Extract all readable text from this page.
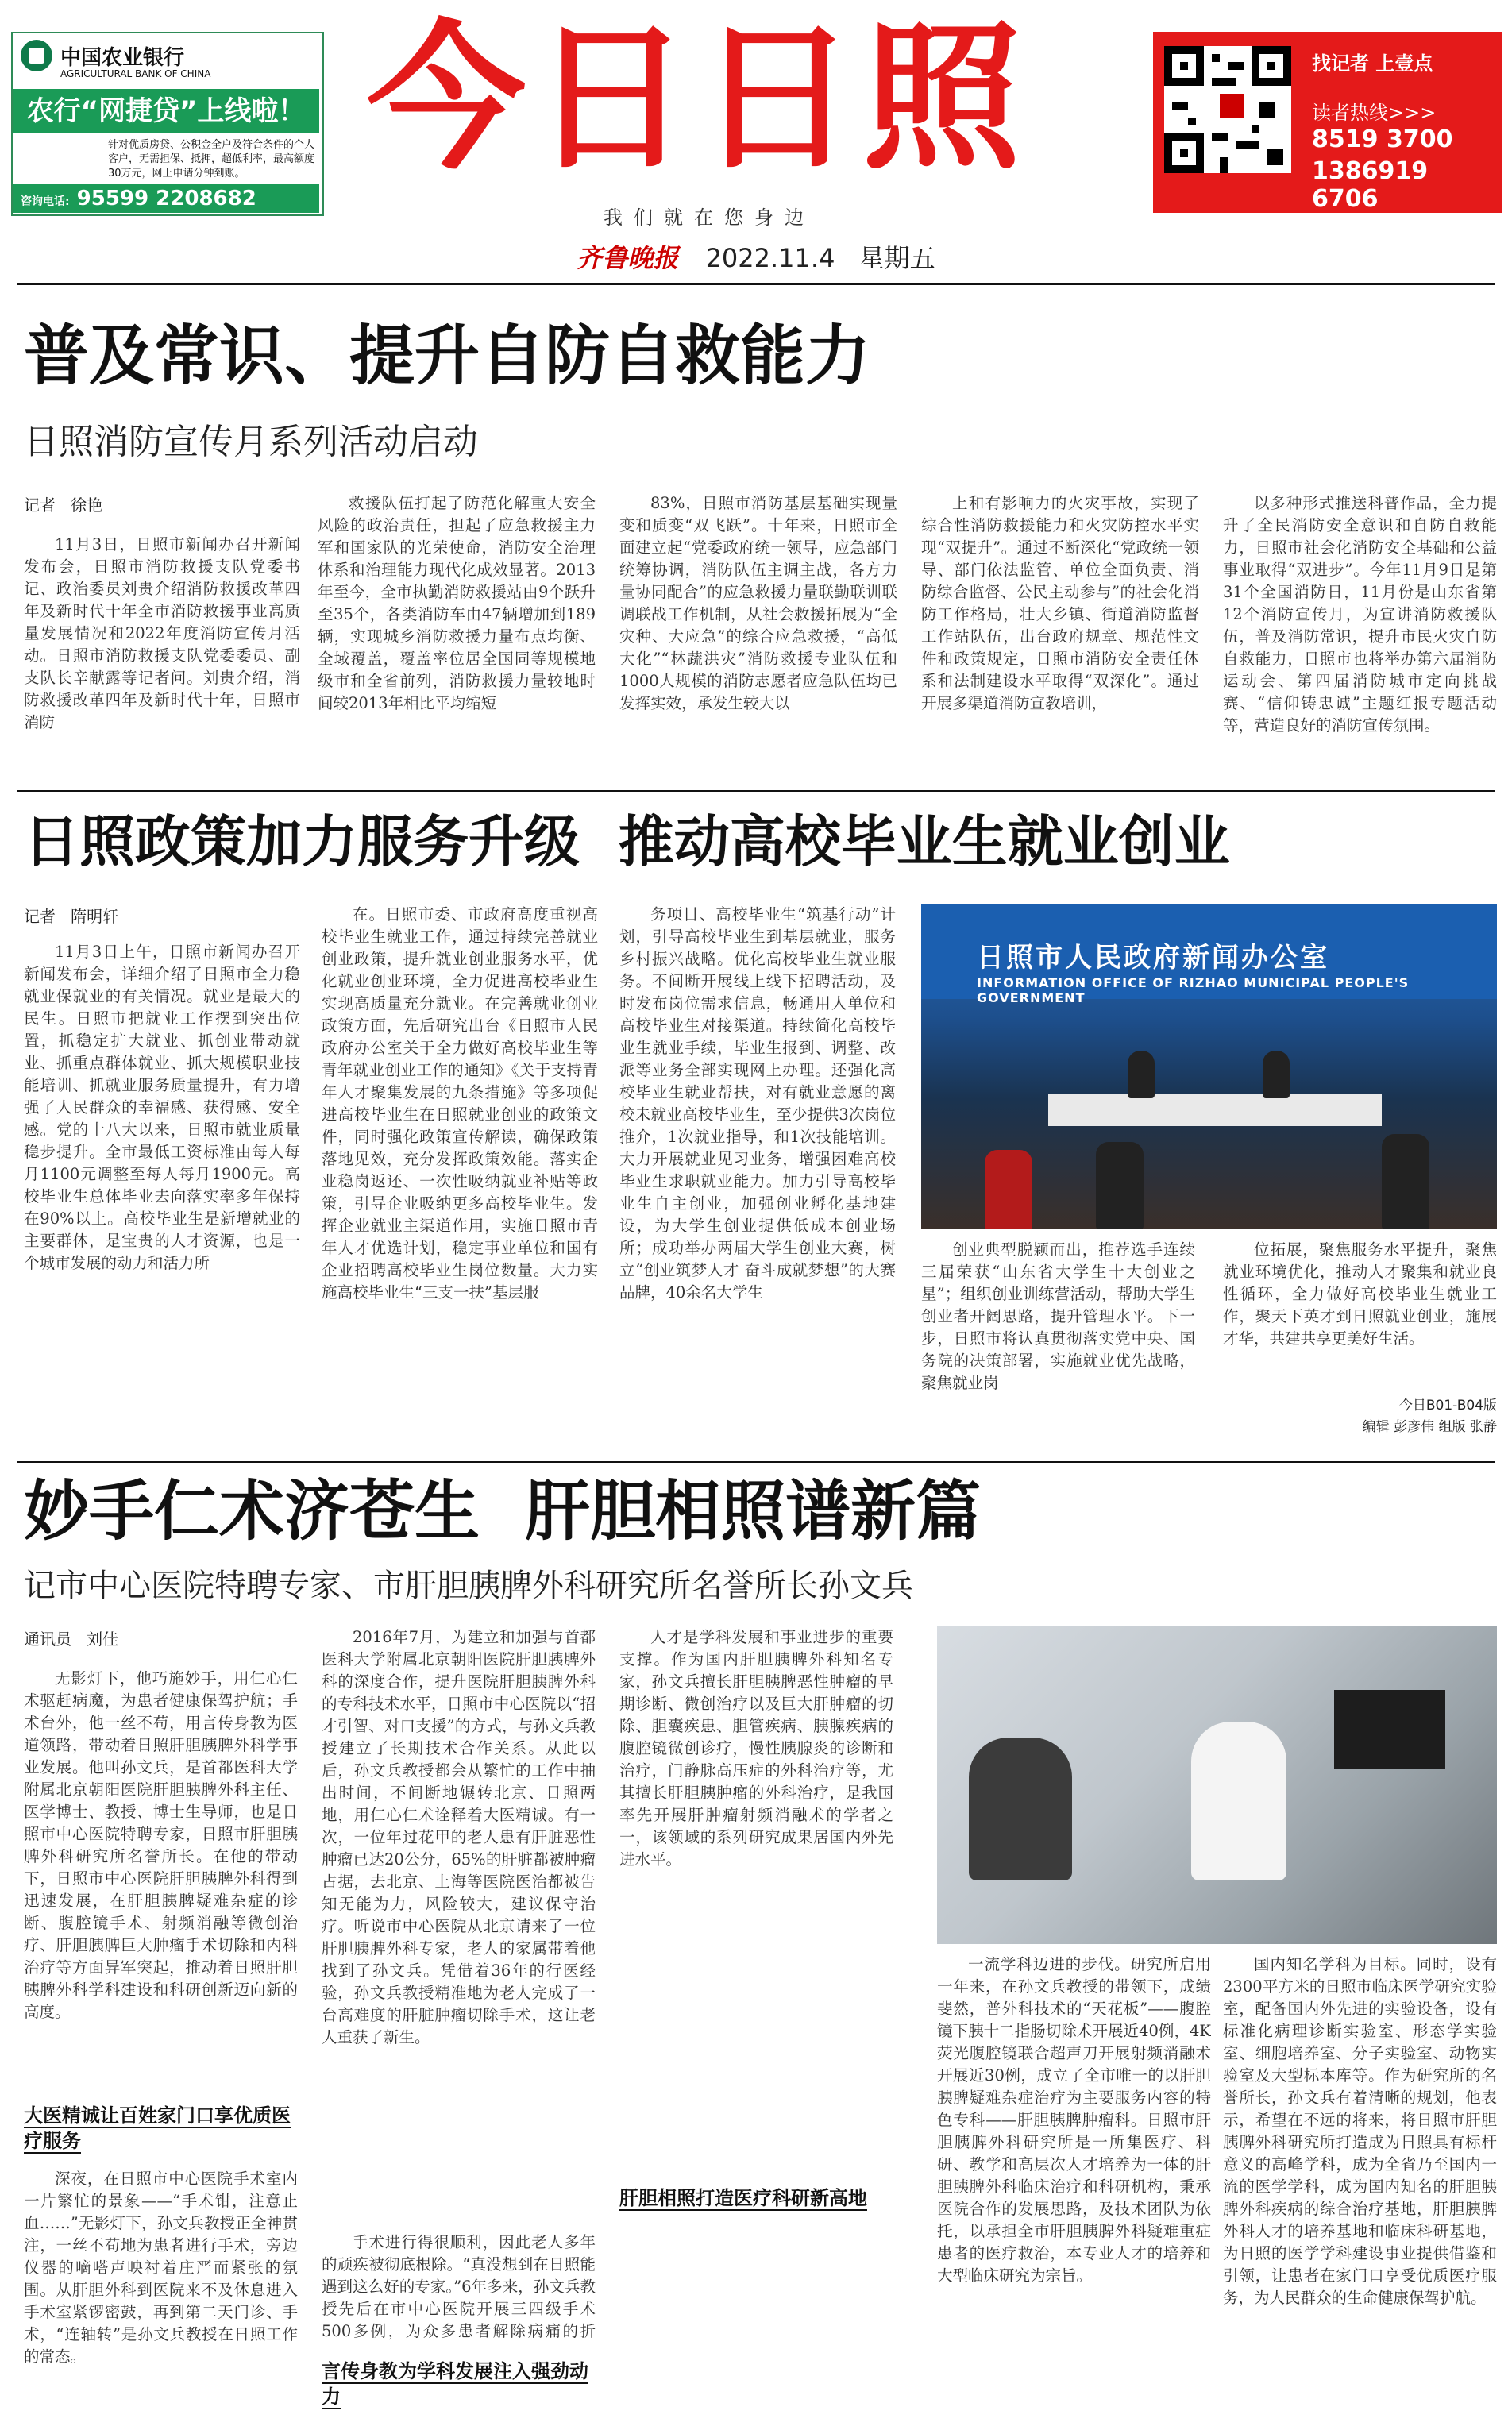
中国农业银行
AGRICULTURAL BANK OF CHINA
农行“网捷贷”上线啦！
针对优质房贷、公积金全户及符合条件的个人客户，无需担保、抵押，超低利率，最高额度30万元，网上申请分钟到账。
咨询电话: 95599 2208682
今日日照
我们就在您身边
找记者 上壹点
读者热线>>>
8519 3700
1386919 6706
齐鲁晚报 2022.11.4 星期五
普及常识、提升自防自救能力
日照消防宣传月系列活动启动
记者 徐艳

11月3日，日照市新闻办召开新闻发布会，日照市消防救援支队党委书记、政治委员刘贵介绍消防救援改革四年及新时代十年全市消防救援事业高质量发展情况和2022年度消防宣传月活动。日照市消防救援支队党委委员、副支队长辛献露等记者问。刘贵介绍，消防救援改革四年及新时代十年，日照市消防

救援队伍打起了防范化解重大安全风险的政治责任，担起了应急救援主力军和国家队的光荣使命，消防安全治理体系和治理能力现代化成效显著。2013年至今，全市执勤消防救援站由9个跃升至35个，各类消防车由47辆增加到189辆，实现城乡消防救援力量布点均衡、全域覆盖，覆盖率位居全国同等规模地级市和全省前列，消防救援力量较地时间较2013年相比平均缩短

83%，日照市消防基层基础实现量变和质变“双飞跃”。十年来，日照市全面建立起“党委政府统一领导，应急部门统筹协调，消防队伍主调主战，各方力量协同配合”的应急救援力量联勤联训联调联战工作机制，从社会救援拓展为“全灾种、大应急”的综合应急救援，“高低大化”“林蔬洪灾”消防救援专业队伍和1000人规模的消防志愿者应急队伍均已发挥实效，承发生较大以

上和有影响力的火灾事故，实现了综合性消防救援能力和火灾防控水平实现“双提升”。通过不断深化“党政统一领导、部门依法监管、单位全面负责、消防综合监督、公民主动参与”的社会化消防工作格局，壮大乡镇、街道消防监督工作站队伍，出台政府规章、规范性文件和政策规定，日照市消防安全责任体系和法制建设水平取得“双深化”。通过开展多渠道消防宣教培训，

以多种形式推送科普作品，全力提升了全民消防安全意识和自防自救能力，日照市社会化消防安全基础和公益事业取得“双进步”。今年11月9日是第31个全国消防日，11月份是山东省第12个消防宣传月，为宣讲消防救援队伍，普及消防常识，提升市民火灾自防自救能力，日照市也将举办第六届消防运动会、第四届消防城市定向挑战赛、“信仰铸忠诚”主题红报专题活动等，营造良好的消防宣传氛围。

日照政策加力服务升级  推动高校毕业生就业创业
记者 隋明轩

11月3日上午，日照市新闻办召开新闻发布会，详细介绍了日照市全力稳就业保就业的有关情况。就业是最大的民生。日照市把就业工作摆到突出位置，抓稳定扩大就业、抓创业带动就业、抓重点群体就业、抓大规模职业技能培训、抓就业服务质量提升，有力增强了人民群众的幸福感、获得感、安全感。党的十八大以来，日照市就业质量稳步提升。全市最低工资标准由每人每月1100元调整至每人每月1900元。高校毕业生总体毕业去向落实率多年保持在90%以上。高校毕业生是新增就业的主要群体，是宝贵的人才资源，也是一个城市发展的动力和活力所

在。日照市委、市政府高度重视高校毕业生就业工作，通过持续完善就业创业政策，提升就业创业服务水平，优化就业创业环境，全力促进高校毕业生实现高质量充分就业。在完善就业创业政策方面，先后研究出台《日照市人民政府办公室关于全力做好高校毕业生等青年就业创业工作的通知》《关于支持青年人才聚集发展的九条措施》等多项促进高校毕业生在日照就业创业的政策文件，同时强化政策宣传解读，确保政策落地见效，充分发挥政策效能。落实企业稳岗返还、一次性吸纳就业补贴等政策，引导企业吸纳更多高校毕业生。发挥企业就业主渠道作用，实施日照市青年人才优选计划，稳定事业单位和国有企业招聘高校毕业生岗位数量。大力实施高校毕业生“三支一扶”基层服

务项目、高校毕业生“筑基行动”计划，引导高校毕业生到基层就业，服务乡村振兴战略。优化高校毕业生就业服务。不间断开展线上线下招聘活动，及时发布岗位需求信息，畅通用人单位和高校毕业生对接渠道。持续简化高校毕业生就业手续，毕业生报到、调整、改派等业务全部实现网上办理。还强化高校毕业生就业帮扶，对有就业意愿的离校未就业高校毕业生，至少提供3次岗位推介，1次就业指导，和1次技能培训。大力开展就业见习业务，增强困难高校毕业生求职就业能力。加力引导高校毕业生自主创业，加强创业孵化基地建设，为大学生创业提供低成本创业场所；成功举办两届大学生创业大赛，树立“创业筑梦人才 奋斗成就梦想”的大赛品牌，40余名大学生

日照市人民政府新闻办公室
INFORMATION OFFICE OF RIZHAO MUNICIPAL PEOPLE'S GOVERNMENT

创业典型脱颖而出，推荐选手连续三届荣获“山东省大学生十大创业之星”；组织创业训练营活动，帮助大学生创业者开阔思路，提升管理水平。下一步，日照市将认真贯彻落实党中央、国务院的决策部署，实施就业优先战略，聚焦就业岗

位拓展，聚焦服务水平提升，聚焦就业环境优化，推动人才聚集和就业良性循环，全力做好高校毕业生就业工作，聚天下英才到日照就业创业，施展才华，共建共享更美好生活。

今日B01-B04版
编辑 彭彦伟 组版 张静
妙手仁术济苍生  肝胆相照谱新篇
记市中心医院特聘专家、市肝胆胰脾外科研究所名誉所长孙文兵
通讯员 刘佳

无影灯下，他巧施妙手，用仁心仁术驱赶病魔，为患者健康保驾护航；手术台外，他一丝不苟，用言传身教为医道领路，带动着日照肝胆胰脾外科学事业发展。他叫孙文兵，是首都医科大学附属北京朝阳医院肝胆胰脾外科主任、医学博士、教授、博士生导师，也是日照市中心医院特聘专家，日照市肝胆胰脾外科研究所名誉所长。在他的带动下，日照市中心医院肝胆胰脾外科得到迅速发展，在肝胆胰脾疑难杂症的诊断、腹腔镜手术、射频消融等微创治疗、肝胆胰脾巨大肿瘤手术切除和内科治疗等方面异军突起，推动着日照肝胆胰脾外科学科建设和科研创新迈向新的高度。

大医精诚让百姓家门口享优质医疗服务

深夜，在日照市中心医院手术室内一片繁忙的景象——“手术钳，注意止血……”无影灯下，孙文兵教授正全神贯注，一丝不苟地为患者进行手术，旁边仪器的嘀嗒声映衬着庄严而紧张的氛围。从肝胆外科到医院来不及休息进入手术室紧锣密鼓，再到第二天门诊、手术，“连轴转”是孙文兵教授在日照工作的常态。

2016年7月，为建立和加强与首都医科大学附属北京朝阳医院肝胆胰脾外科的深度合作，提升医院肝胆胰脾外科的专科技术水平，日照市中心医院以“招才引智、对口支援”的方式，与孙文兵教授建立了长期技术合作关系。从此以后，孙文兵教授都会从繁忙的工作中抽出时间，不间断地辗转北京、日照两地，用仁心仁术诠释着大医精诚。有一次，一位年过花甲的老人患有肝脏恶性肿瘤已达20公分，65%的肝脏都被肿瘤占据，去北京、上海等医院医治都被告知无能为力，风险较大，建议保守治疗。听说市中心医院从北京请来了一位肝胆胰脾外科专家，老人的家属带着他找到了孙文兵。凭借着36年的行医经验，孙文兵教授精准地为老人完成了一台高难度的肝脏肿瘤切除手术，这让老人重获了新生。

手术进行得很顺利，因此老人多年的顽疾被彻底根除。“真没想到在日照能遇到这么好的专家。”6年多来，孙文兵教授先后在市中心医院开展三四级手术500多例，为众多患者解除病痛的折

言传身教为学科发展注入强劲动力

人才是学科发展和事业进步的重要支撑。作为国内肝胆胰脾外科知名专家，孙文兵擅长肝胆胰脾恶性肿瘤的早期诊断、微创治疗以及巨大肝肿瘤的切除、胆囊疾患、胆管疾病、胰腺疾病的腹腔镜微创诊疗，慢性胰腺炎的诊断和治疗，门静脉高压症的外科治疗等，尤其擅长肝胆胰肿瘤的外科治疗，是我国率先开展肝肿瘤射频消融术的学者之一，该领域的系列研究成果居国内外先进水平。

肝胆相照打造医疗科研新高地

一流学科迈进的步伐。研究所启用一年来，在孙文兵教授的带领下，成绩斐然，普外科技术的“天花板”——腹腔镜下胰十二指肠切除术开展近40例，4K荧光腹腔镜联合超声刀开展射频消融术开展近30例，成立了全市唯一的以肝胆胰脾疑难杂症治疗为主要服务内容的特色专科——肝胆胰脾肿瘤科。日照市肝胆胰脾外科研究所是一所集医疗、科研、教学和高层次人才培养为一体的肝胆胰脾外科临床治疗和科研机构，秉承医院合作的发展思路，及技术团队为依托，以承担全市肝胆胰脾外科疑难重症患者的医疗救治，本专业人才的培养和大型临床研究为宗旨。

国内知名学科为目标。同时，设有2300平方米的日照市临床医学研究实验室，配备国内外先进的实验设备，设有标准化病理诊断实验室、形态学实验室、细胞培养室、分子实验室、动物实验室及大型标本库等。作为研究所的名誉所长，孙文兵有着清晰的规划，他表示，希望在不远的将来，将日照市肝胆胰脾外科研究所打造成为日照具有标杆意义的高峰学科，成为全省乃至国内一流的医学学科，成为国内知名的肝胆胰脾外科疾病的综合治疗基地，肝胆胰脾外科人才的培养基地和临床科研基地，为日照的医学学科建设事业提供借鉴和引领，让患者在家门口享受优质医疗服务，为人民群众的生命健康保驾护航。
